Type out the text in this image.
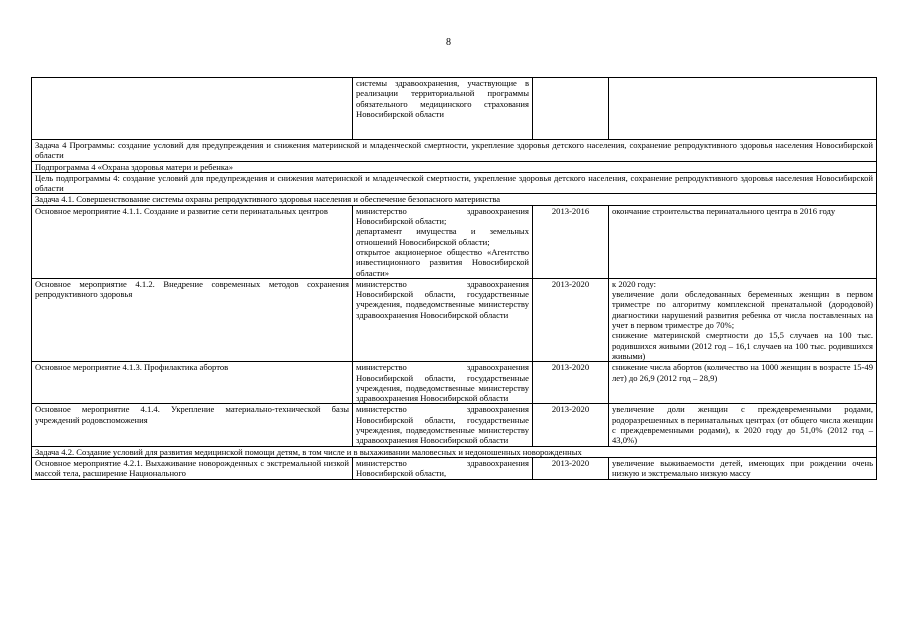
8
	системы здравоохранения, участвующие в реализации территориальной программы обязательного медицинского страхования Новосибирской области		
Задача 4 Программы: создание условий для предупреждения и снижения материнской и младенческой смертности, укрепление здоровья детского населения, сохранение репродуктивного здоровья населения Новосибирской области			
Подпрограмма 4 «Охрана здоровья матери и ребенка»			
Цель подпрограммы 4: создание условий для предупреждения и снижения материнской и младенческой смертности, укрепление здоровья детского населения, сохранение репродуктивного здоровья населения Новосибирской области			
Задача 4.1. Совершенствование системы охраны репродуктивного здоровья населения и обеспечение безопасного материнства			
Основное мероприятие 4.1.1. Создание и развитие сети перинатальных центров	министерство здравоохранения Новосибирской области;

департамент имущества и земельных отношений Новосибирской области;

открытое акционерное общество «Агентство инвестиционного развития Новосибирской области»	2013-2016	окончание строительства перинатального центра в 2016 году

Основное мероприятие 4.1.2. Внедрение современных методов сохранения репродуктивного здоровья	министерство здравоохранения Новосибирской области, государственные учреждения, подведомственные министерству здравоохранения Новосибирской области	2013-2020	к 2020 году:

увеличение доли обследованных беременных женщин в первом триместре по алгоритму комплексной пренатальной (дородовой) диагностики нарушений развития ребенка от числа поставленных на учет в первом триместре до 70%;

снижение материнской смертности до 15,5 случаев на 100 тыс. родившихся живыми (2012 год – 16,1 случаев на 100 тыс. родившихся живыми)

Основное мероприятие 4.1.3. Профилактика абортов	министерство здравоохранения Новосибирской области, государственные учреждения, подведомственные министерству здравоохранения Новосибирской области	2013-2020	снижение числа абортов (количество на 1000 женщин в возрасте 15-49 лет) до 26,9 (2012 год – 28,9)

Основное мероприятие 4.1.4. Укрепление материально-технической базы учреждений родовспоможения	министерство здравоохранения Новосибирской области, государственные учреждения, подведомственные министерству здравоохранения Новосибирской области	2013-2020	увеличение доли женщин с преждевременными родами, родоразрешенных в перинатальных центрах (от общего числа женщин с преждевременными родами), к 2020 году до 51,0% (2012 год – 43,0%)

Задача 4.2. Создание условий для развития медицинской помощи детям, в том числе и в выхаживании маловесных и недоношенных новорожденных			
Основное мероприятие 4.2.1. Выхаживание новорожденных с экстремальной низкой массой тела, расширение Национального	министерство здравоохранения Новосибирской области,	2013-2020	увеличение выживаемости детей, имеющих при рождении очень низкую и экстремально низкую массу
